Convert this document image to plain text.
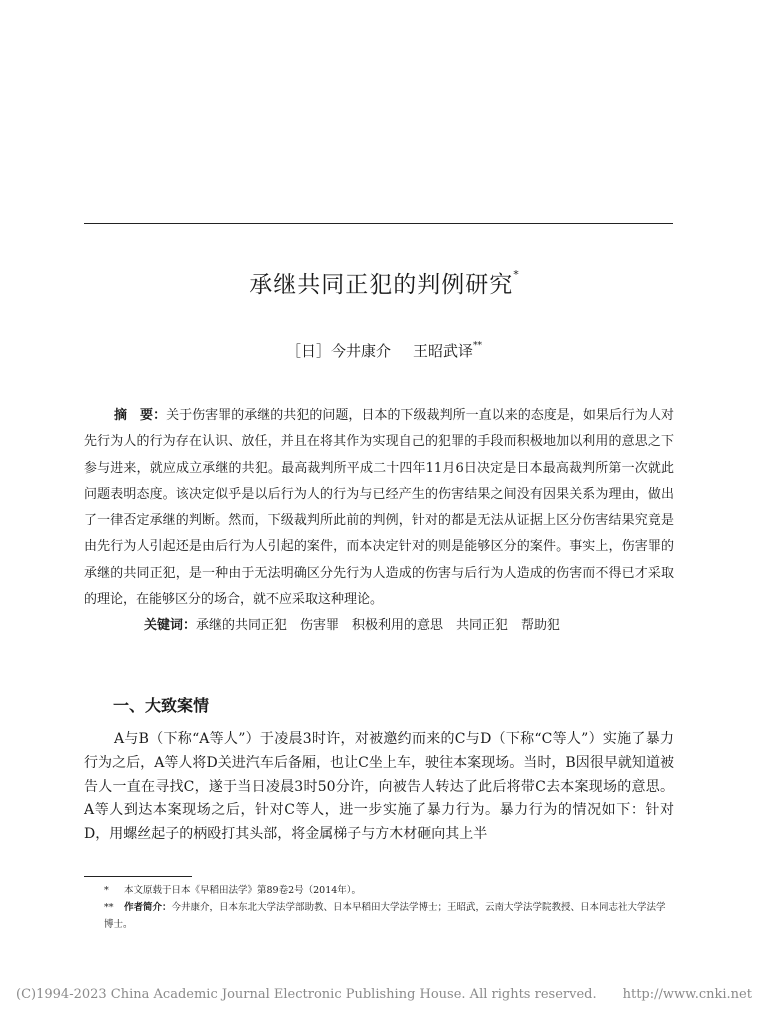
承继共同正犯的判例研究*
［日］今井康介 王昭武译**

摘　要：关于伤害罪的承继的共犯的问题，日本的下级裁判所一直以来的态度是，如果后行为人对先行为人的行为存在认识、放任，并且在将其作为实现自己的犯罪的手段而积极地加以利用的意思之下参与进来，就应成立承继的共犯。最高裁判所平成二十四年11月6日决定是日本最高裁判所第一次就此问题表明态度。该决定似乎是以后行为人的行为与已经产生的伤害结果之间没有因果关系为理由，做出了一律否定承继的判断。然而，下级裁判所此前的判例，针对的都是无法从证据上区分伤害结果究竟是由先行为人引起还是由后行为人引起的案件，而本决定针对的则是能够区分的案件。事实上，伤害罪的承继的共同正犯，是一种由于无法明确区分先行为人造成的伤害与后行为人造成的伤害而不得已才采取的理论，在能够区分的场合，就不应采取这种理论。

关键词：承继的共同正犯　伤害罪　积极利用的意思　共同正犯　帮助犯

一、大致案情

A与B（下称“A等人”）于凌晨3时许，对被邀约而来的C与D（下称“C等人”）实施了暴力行为之后，A等人将D关进汽车后备厢，也让C坐上车，驶往本案现场。当时，B因很早就知道被告人一直在寻找C，遂于当日凌晨3时50分许，向被告人转达了此后将带C去本案现场的意思。A等人到达本案现场之后，针对C等人，进一步实施了暴力行为。暴力行为的情况如下：针对D，用螺丝起子的柄殴打其头部，将金属梯子与方木材砸向其上半

* 本文原载于日本《早稻田法学》第89卷2号（2014年）。

** 作者简介：今井康介，日本东北大学法学部助教、日本早稻田大学法学博士；王昭武，云南大学法学院教授、日本同志社大学法学博士。

(C)1994-2023 China Academic Journal Electronic Publishing House. All rights reserved.　　http://www.cnki.net
